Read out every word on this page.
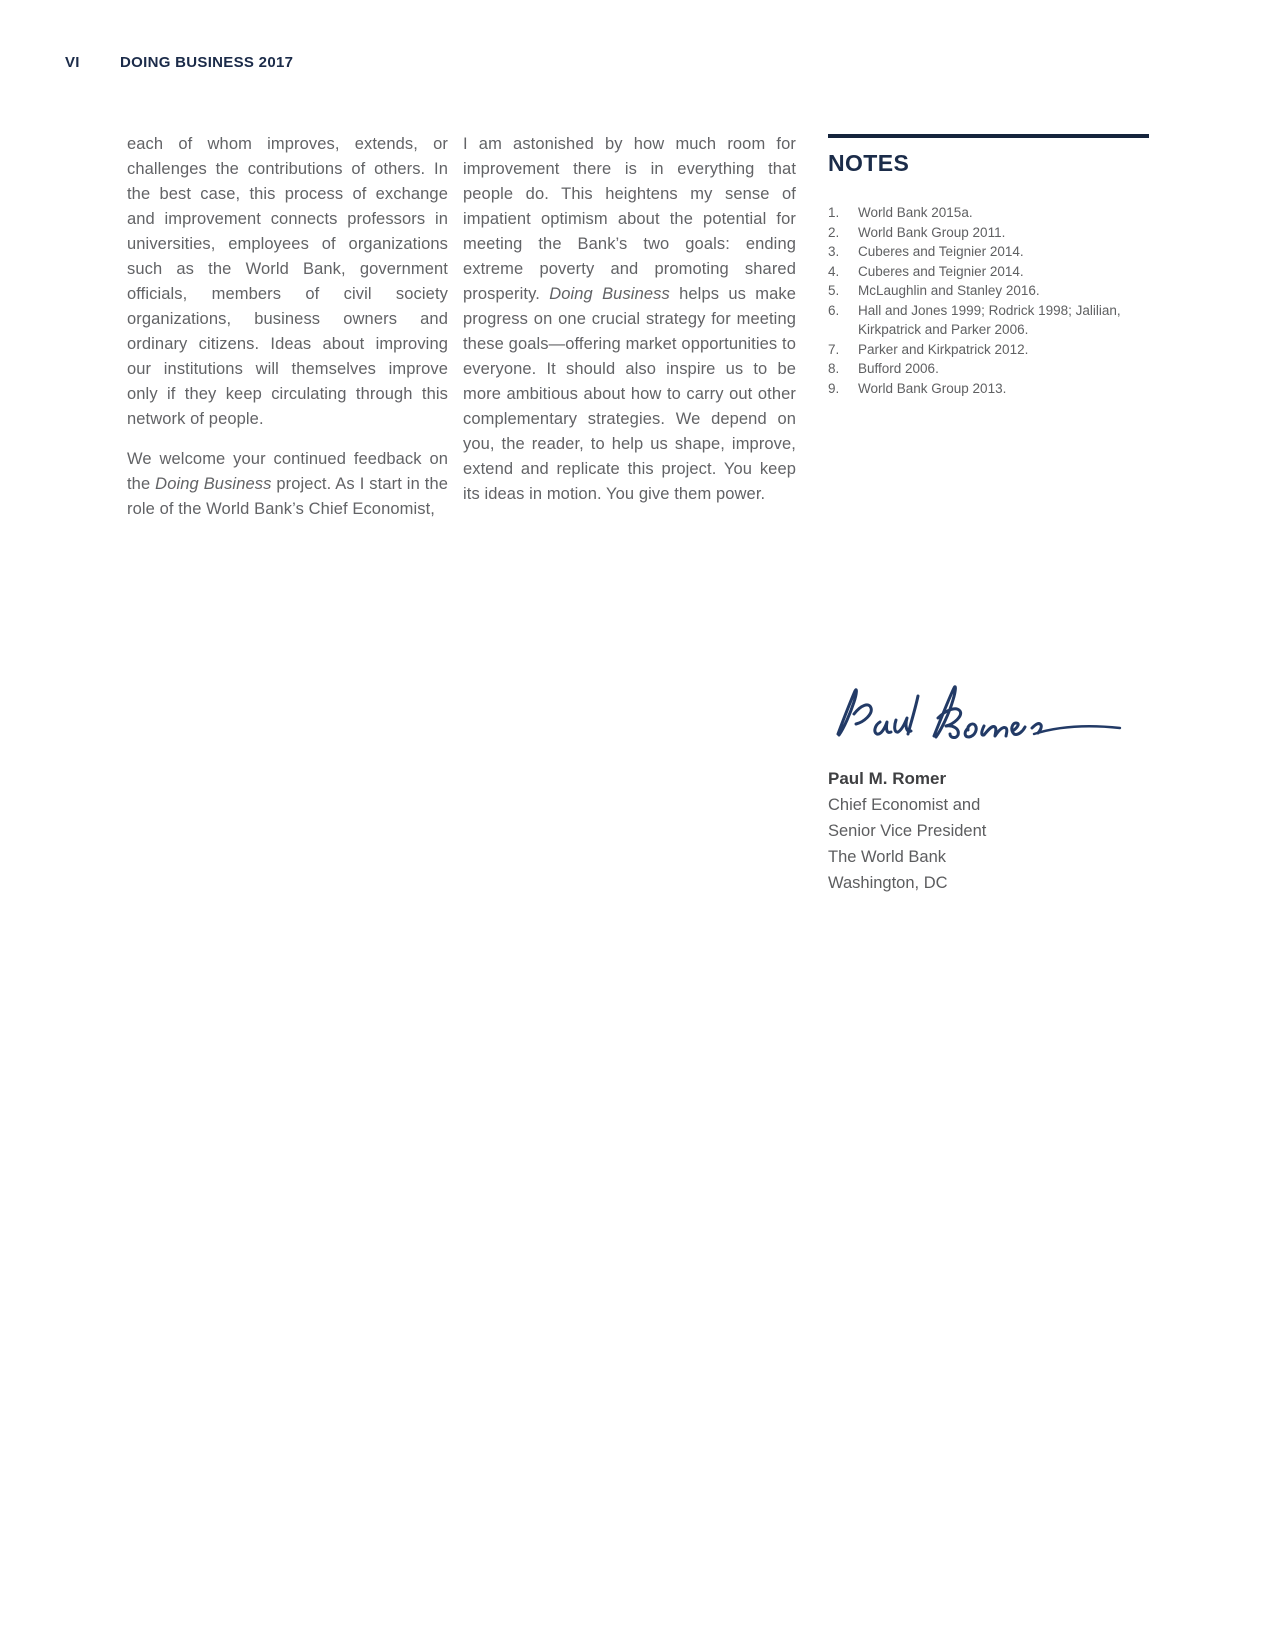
VI	DOING BUSINESS 2017

each of whom improves, extends, or challenges the contributions of others. In the best case, this process of exchange and improvement connects professors in universities, employees of organizations such as the World Bank, government officials, members of civil society organizations, business owners and ordinary citizens. Ideas about improving our institutions will themselves improve only if they keep circulating through this network of people.

We welcome your continued feedback on the Doing Business project. As I start in the role of the World Bank’s Chief Economist,

I am astonished by how much room for improvement there is in everything that people do. This heightens my sense of impatient optimism about the potential for meeting the Bank’s two goals: ending extreme poverty and promoting shared prosperity. Doing Business helps us make progress on one crucial strategy for meeting these goals—offering market opportunities to everyone. It should also inspire us to be more ambitious about how to carry out other complementary strategies. We depend on you, the reader, to help us shape, improve, extend and replicate this project. You keep its ideas in motion. You give them power.

NOTES
1.	World Bank 2015a.
2.	World Bank Group 2011.
3.	Cuberes and Teignier 2014.
4.	Cuberes and Teignier 2014.
5.	McLaughlin and Stanley 2016.
6.	Hall and Jones 1999; Rodrick 1998; Jalilian, Kirkpatrick and Parker 2006.
7.	Parker and Kirkpatrick 2012.
8.	Bufford 2006.
9.	World Bank Group 2013.
Paul M. Romer
Chief Economist and
Senior Vice President
The World Bank
Washington, DC
